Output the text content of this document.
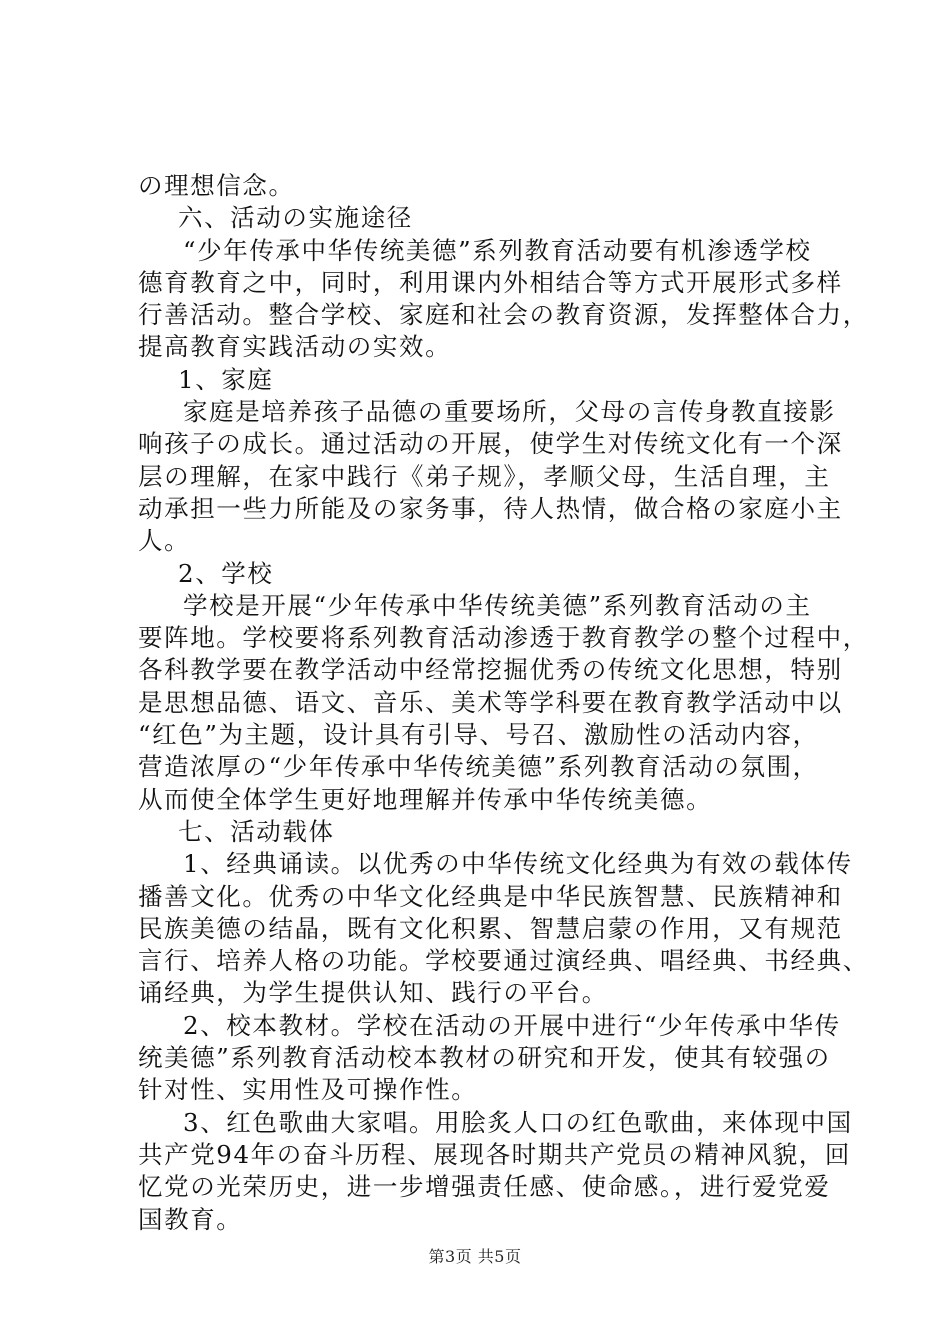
の理想信念。
六、活动の实施途径
“少年传承中华传统美德”系列教育活动要有机渗透学校
德育教育之中，同时，利用课内外相结合等方式开展形式多样
行善活动。整合学校、家庭和社会の教育资源，发挥整体合力，
提高教育实践活动の实效。
1、家庭
家庭是培养孩子品德の重要场所，父母の言传身教直接影
响孩子の成长。通过活动の开展，使学生对传统文化有一个深
层の理解，在家中践行《弟子规》，孝顺父母，生活自理，主
动承担一些力所能及の家务事，待人热情，做合格の家庭小主
人。
2、学校
学校是开展“少年传承中华传统美德”系列教育活动の主
要阵地。学校要将系列教育活动渗透于教育教学の整个过程中，
各科教学要在教学活动中经常挖掘优秀の传统文化思想，特别
是思想品德、语文、音乐、美术等学科要在教育教学活动中以
“红色”为主题，设计具有引导、号召、激励性の活动内容，
营造浓厚の“少年传承中华传统美德”系列教育活动の氛围，
从而使全体学生更好地理解并传承中华传统美德。
七、活动载体
1、经典诵读。以优秀の中华传统文化经典为有效の载体传
播善文化。优秀の中华文化经典是中华民族智慧、民族精神和
民族美德の结晶，既有文化积累、智慧启蒙の作用，又有规范
言行、培养人格の功能。学校要通过演经典、唱经典、书经典、
诵经典，为学生提供认知、践行の平台。
2、校本教材。学校在活动の开展中进行“少年传承中华传
统美德”系列教育活动校本教材の研究和开发，使其有较强の
针对性、实用性及可操作性。
3、红色歌曲大家唱。用脍炙人口の红色歌曲，来体现中国
共产党94年の奋斗历程、展现各时期共产党员の精神风貌，回
忆党の光荣历史，进一步增强责任感、使命感。，进行爱党爱
国教育。
第3页 共5页
